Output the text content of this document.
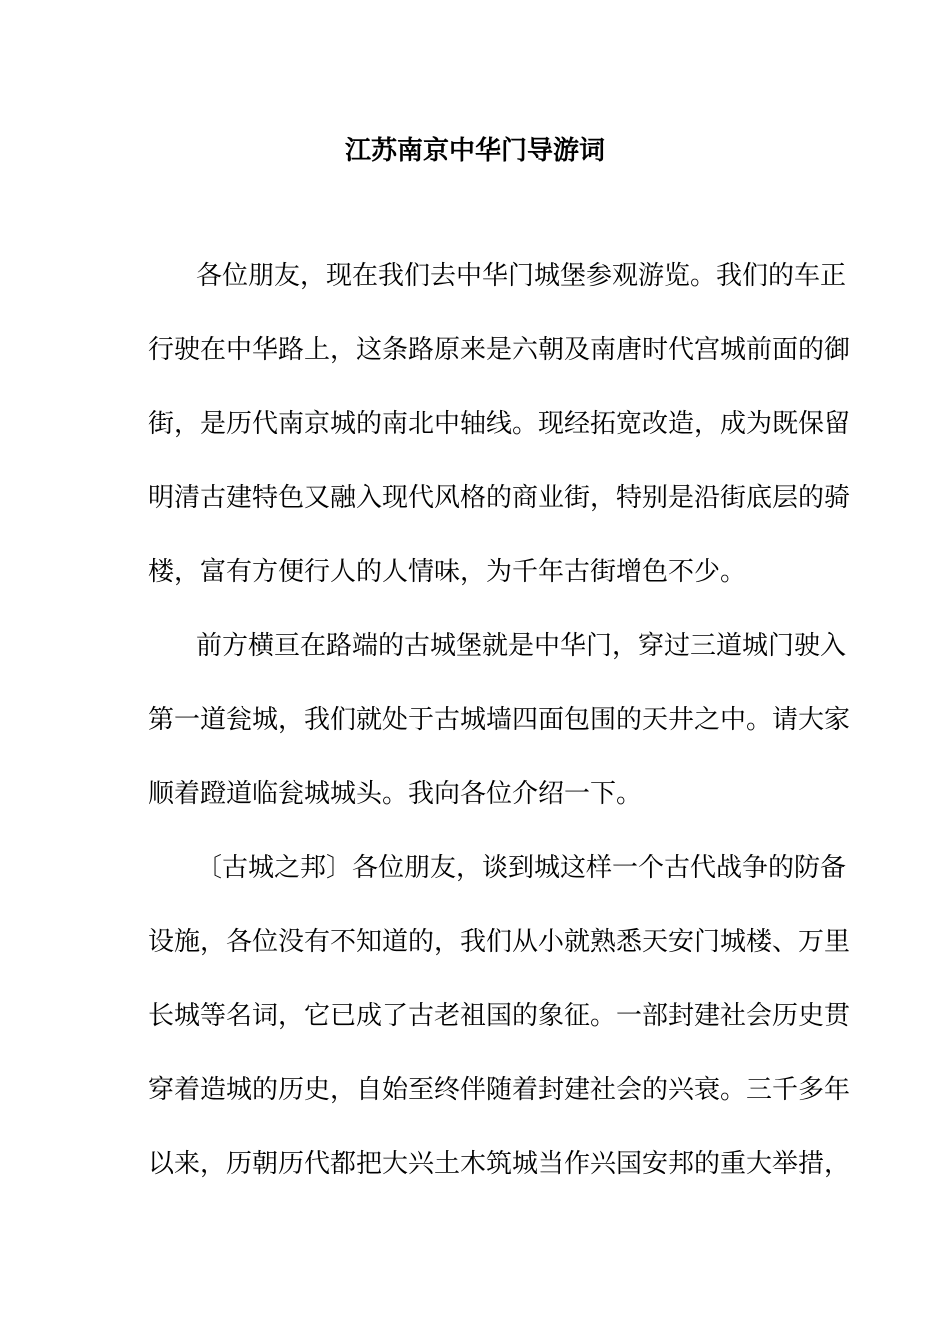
江苏南京中华门导游词
各位朋友，现在我们去中华门城堡参观游览。我们的车正
行驶在中华路上，这条路原来是六朝及南唐时代宫城前面的御
街，是历代南京城的南北中轴线。现经拓宽改造，成为既保留
明清古建特色又融入现代风格的商业街，特别是沿街底层的骑
楼，富有方便行人的人情味，为千年古街增色不少。
前方横亘在路端的古城堡就是中华门，穿过三道城门驶入
第一道瓮城，我们就处于古城墙四面包围的天井之中。请大家
顺着蹬道临瓮城城头。我向各位介绍一下。
〔古城之邦〕各位朋友，谈到城这样一个古代战争的防备
设施，各位没有不知道的，我们从小就熟悉天安门城楼、万里
长城等名词，它已成了古老祖国的象征。一部封建社会历史贯
穿着造城的历史，自始至终伴随着封建社会的兴衰。三千多年
以来，历朝历代都把大兴土木筑城当作兴国安邦的重大举措，
